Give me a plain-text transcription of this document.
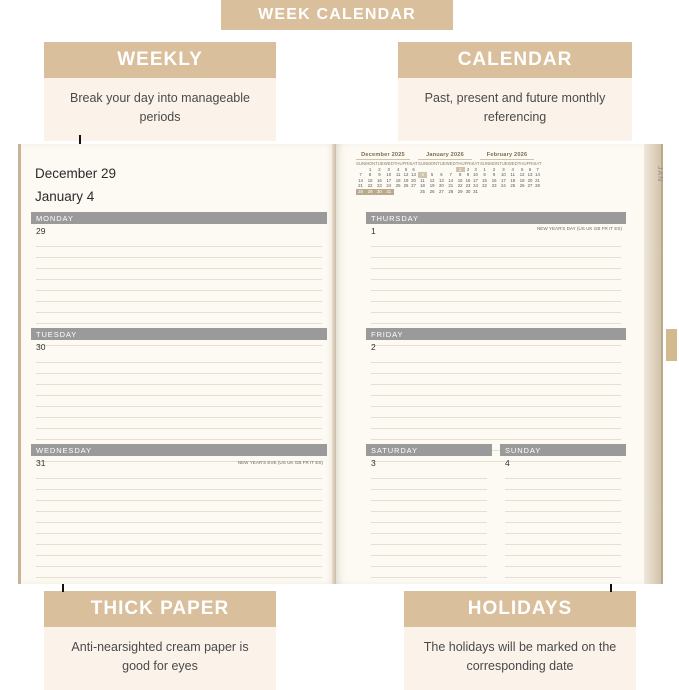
WEEK CALENDAR
WEEKLY
Break your day into manageable periods
CALENDAR
Past, present and future monthly referencing
THICK PAPER
Anti-nearsighted cream paper is good for eyes
HOLIDAYS
The holidays will be marked on the corresponding date
December 29
January 4
MONDAY
29
TUESDAY
30
WEDNESDAY
31	NEW YEAR'S EVE (US UK GB FR IT ES)
December 2025
SUN	MON	TUE	WED	THU	FRI	SAT
	1	2	3	4	5	6
7	8	9	10	11	12	13
14	15	16	17	18	19	20
21	22	23	24	25	26	27
28	29	30	31			
January 2026
SUN	MON	TUE	WED	THU	FRI	SAT
				1	2	3
4	5	6	7	8	9	10
11	12	13	14	15	16	17
18	19	20	21	22	23	24
25	26	27	28	29	30	31
February 2026
SUN	MON	TUE	WED	THU	FRI	SAT
1	2	3	4	5	6	7
8	9	10	11	12	13	14
15	16	17	18	19	20	21
22	23	24	25	26	27	28

THURSDAY
1	NEW YEAR'S DAY (US UK GB FR IT ES)
FRIDAY
2
SATURDAY
3
SUNDAY
4
JAN
